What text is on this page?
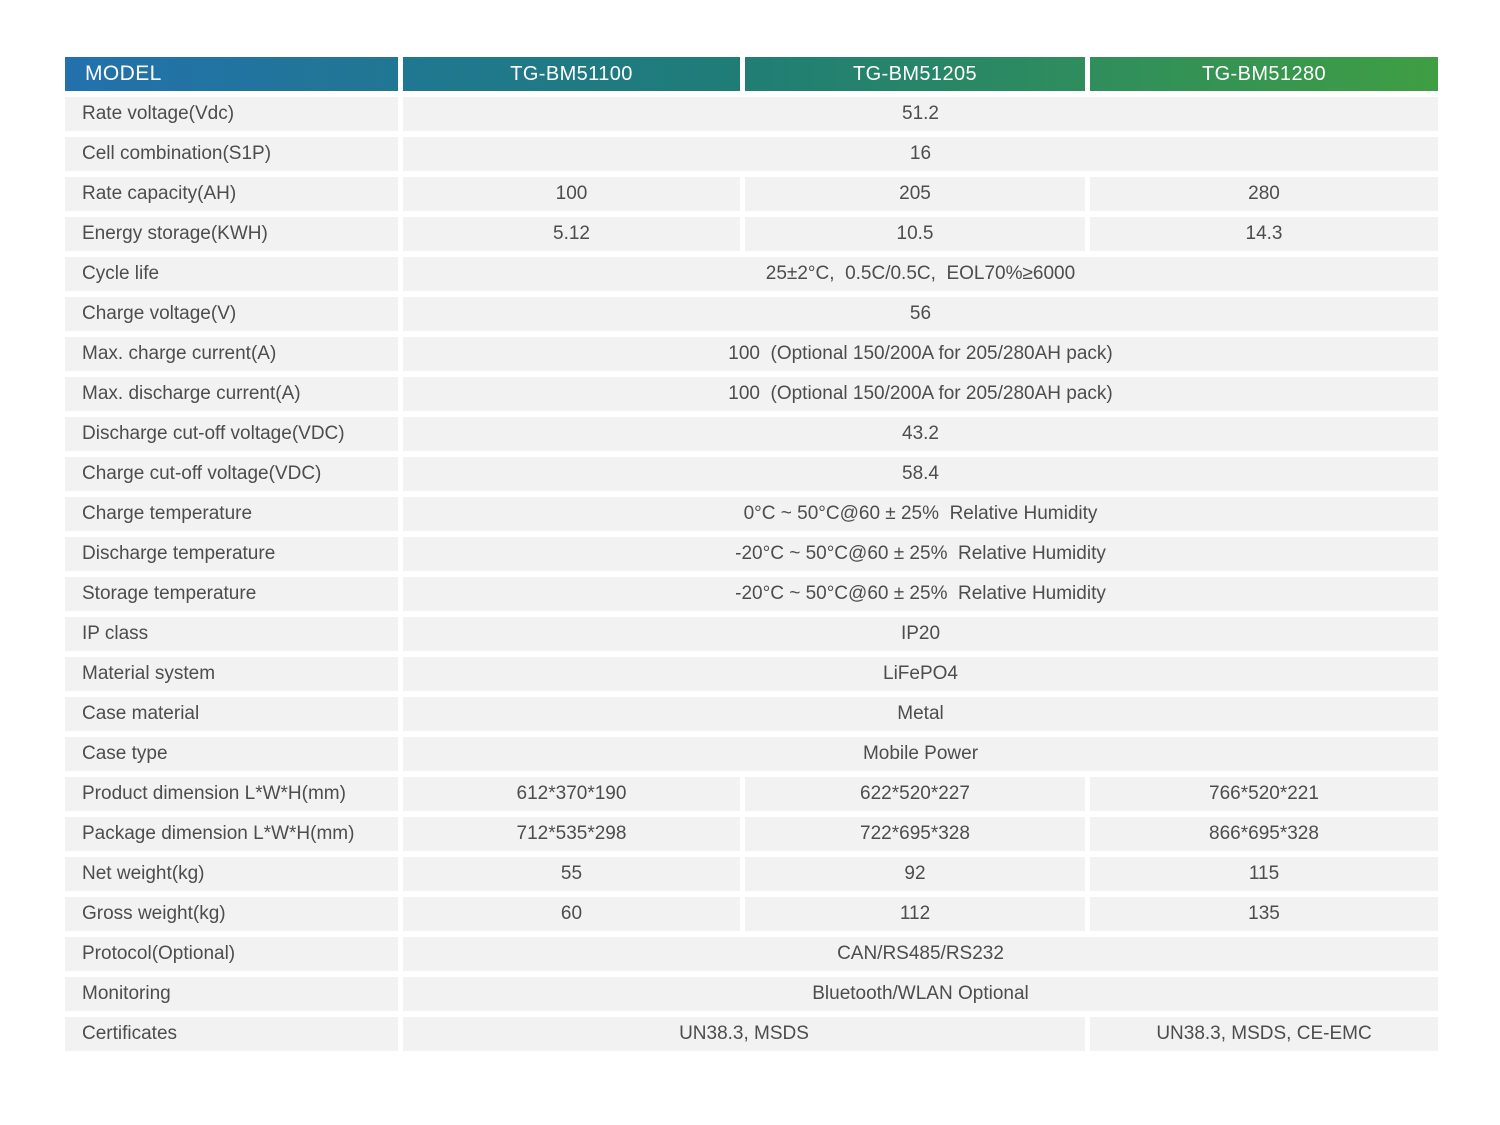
MODEL	TG-BM51100	TG-BM51205	TG-BM51280
Rate voltage(Vdc)	51.2
Cell combination(S1P)	16
Rate capacity(AH)	100	205	280
Energy storage(KWH)	5.12	10.5	14.3
Cycle life	25±2°C,  0.5C/0.5C,  EOL70%≥6000
Charge voltage(V)	56
Max. charge current(A)	100  (Optional 150/200A for 205/280AH pack)
Max. discharge current(A)	100  (Optional 150/200A for 205/280AH pack)
Discharge cut-off voltage(VDC)	43.2
Charge cut-off voltage(VDC)	58.4
Charge temperature	0°C ~ 50°C@60 ± 25%  Relative Humidity
Discharge temperature	-20°C ~ 50°C@60 ± 25%  Relative Humidity
Storage temperature	-20°C ~ 50°C@60 ± 25%  Relative Humidity
IP class	IP20
Material system	LiFePO4
Case material	Metal
Case type	Mobile Power
Product dimension L*W*H(mm)	612*370*190	622*520*227	766*520*221
Package dimension L*W*H(mm)	712*535*298	722*695*328	866*695*328
Net weight(kg)	55	92	115
Gross weight(kg)	60	112	135
Protocol(Optional)	CAN/RS485/RS232
Monitoring	Bluetooth/WLAN Optional
Certificates	UN38.3, MSDS	UN38.3, MSDS, CE-EMC
